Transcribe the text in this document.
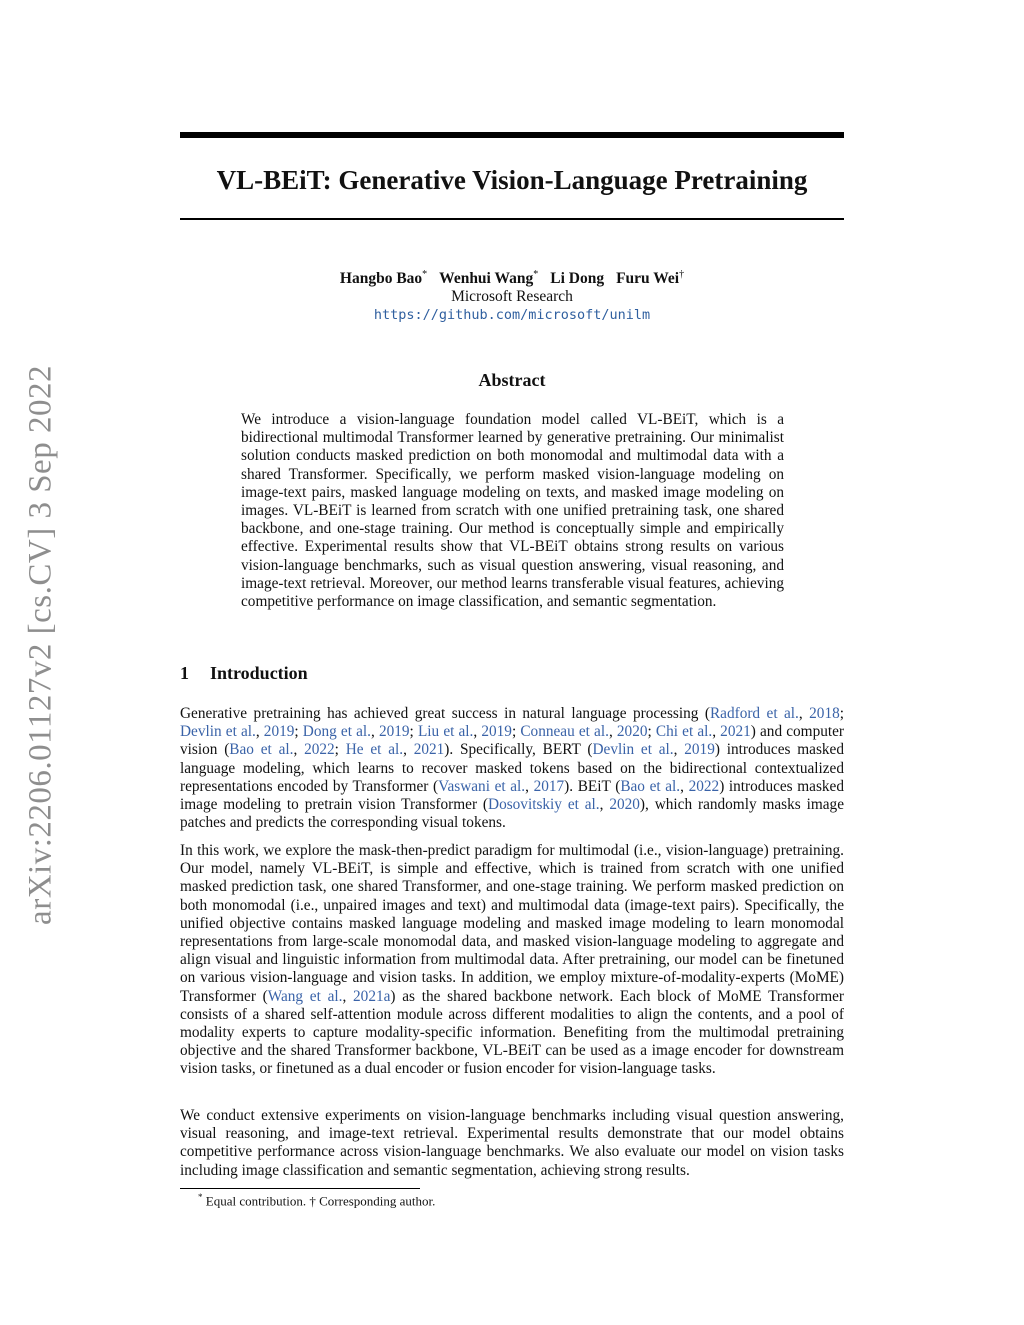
arXiv:2206.01127v2 [cs.CV] 3 Sep 2022
VL-BEiT: Generative Vision-Language Pretraining
Hangbo Bao* Wenhui Wang* Li Dong Furu Wei†
Microsoft Research
https://github.com/microsoft/unilm
Abstract

We introduce a vision-language foundation model called VL-BEiT, which is a bidirectional multimodal Transformer learned by generative pretraining. Our minimalist solution conducts masked prediction on both monomodal and multimodal data with a shared Transformer. Specifically, we perform masked vision-language modeling on image-text pairs, masked language modeling on texts, and masked image modeling on images. VL-BEiT is learned from scratch with one unified pretraining task, one shared backbone, and one-stage training. Our method is conceptually simple and empirically effective. Experimental results show that VL-BEiT obtains strong results on various vision-language benchmarks, such as visual question answering, visual reasoning, and image-text retrieval. Moreover, our method learns transferable visual features, achieving competitive performance on image classification, and semantic segmentation.

1 Introduction

Generative pretraining has achieved great success in natural language processing (Radford et al., 2018; Devlin et al., 2019; Dong et al., 2019; Liu et al., 2019; Conneau et al., 2020; Chi et al., 2021) and computer vision (Bao et al., 2022; He et al., 2021). Specifically, BERT (Devlin et al., 2019) introduces masked language modeling, which learns to recover masked tokens based on the bidirectional contextualized representations encoded by Transformer (Vaswani et al., 2017). BEiT (Bao et al., 2022) introduces masked image modeling to pretrain vision Transformer (Dosovitskiy et al., 2020), which randomly masks image patches and predicts the corresponding visual tokens.

In this work, we explore the mask-then-predict paradigm for multimodal (i.e., vision-language) pretraining. Our model, namely VL-BEiT, is simple and effective, which is trained from scratch with one unified masked prediction task, one shared Transformer, and one-stage training. We perform masked prediction on both monomodal (i.e., unpaired images and text) and multimodal data (image-text pairs). Specifically, the unified objective contains masked language modeling and masked image modeling to learn monomodal representations from large-scale monomodal data, and masked vision-language modeling to aggregate and align visual and linguistic information from multimodal data. After pretraining, our model can be finetuned on various vision-language and vision tasks. In addition, we employ mixture-of-modality-experts (MoME) Transformer (Wang et al., 2021a) as the shared backbone network. Each block of MoME Transformer consists of a shared self-attention module across different modalities to align the contents, and a pool of modality experts to capture modality-specific information. Benefiting from the multimodal pretraining objective and the shared Transformer backbone, VL-BEiT can be used as a image encoder for downstream vision tasks, or finetuned as a dual encoder or fusion encoder for vision-language tasks.

We conduct extensive experiments on vision-language benchmarks including visual question answering, visual reasoning, and image-text retrieval. Experimental results demonstrate that our model obtains competitive performance across vision-language benchmarks. We also evaluate our model on vision tasks including image classification and semantic segmentation, achieving strong results.

* Equal contribution. † Corresponding author.
